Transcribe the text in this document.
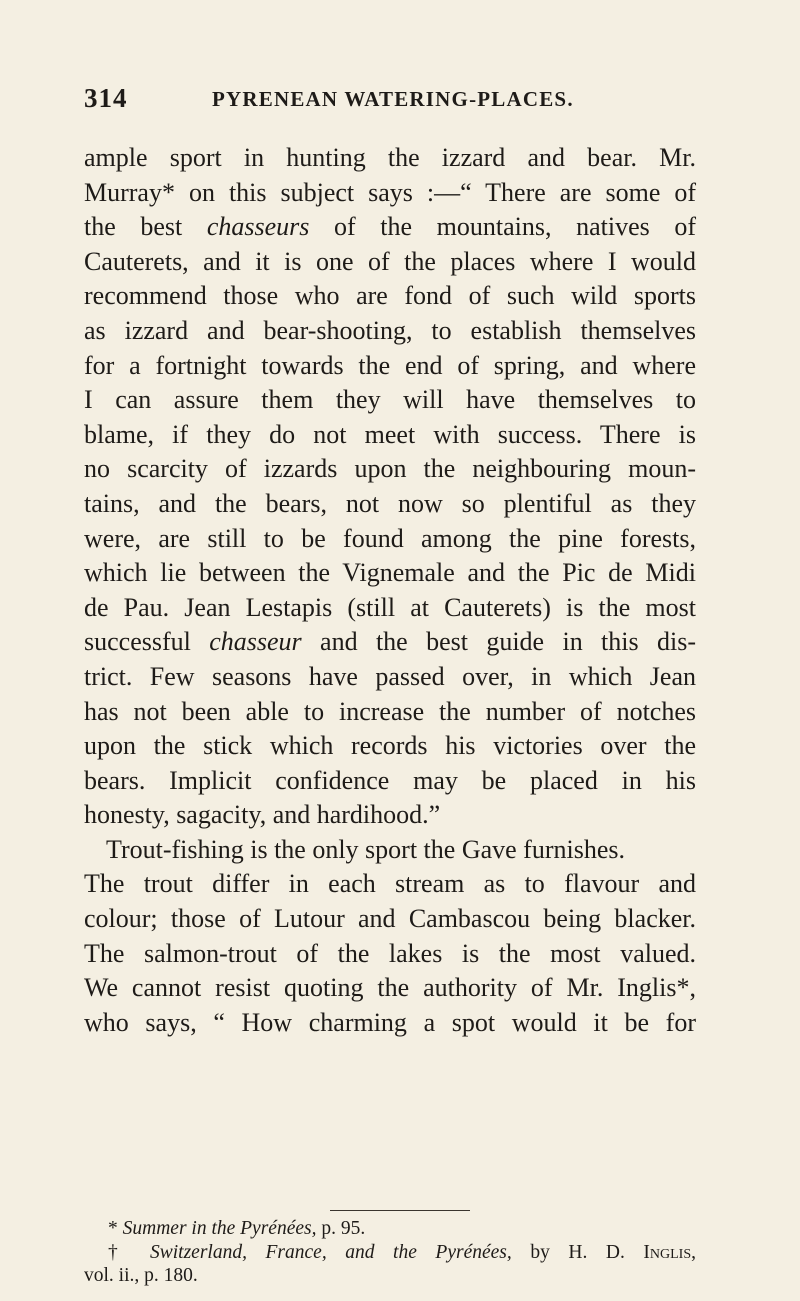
314	PYRENEAN WATERING-PLACES.
ample sport in hunting the izzard and bear. Mr.
Murray* on this subject says :—“ There are some of
the best chasseurs of the mountains, natives of
Cauterets, and it is one of the places where I would
recommend those who are fond of such wild sports
as izzard and bear-shooting, to establish themselves
for a fortnight towards the end of spring, and where
I can assure them they will have themselves to
blame, if they do not meet with success. There is
no scarcity of izzards upon the neighbouring moun-
tains, and the bears, not now so plentiful as they
were, are still to be found among the pine forests,
which lie between the Vignemale and the Pic de Midi
de Pau. Jean Lestapis (still at Cauterets) is the most
successful chasseur and the best guide in this dis-
trict. Few seasons have passed over, in which Jean
has not been able to increase the number of notches
upon the stick which records his victories over the
bears. Implicit confidence may be placed in his
honesty, sagacity, and hardihood.”
Trout-fishing is the only sport the Gave furnishes.
The trout differ in each stream as to flavour and
colour; those of Lutour and Cambascou being blacker.
The salmon-trout of the lakes is the most valued.
We cannot resist quoting the authority of Mr. Inglis*,
who says, “ How charming a spot would it be for
* Summer in the Pyrénées, p. 95.
† Switzerland, France, and the Pyrénées, by H. D. Inglis,
vol. ii., p. 180.
